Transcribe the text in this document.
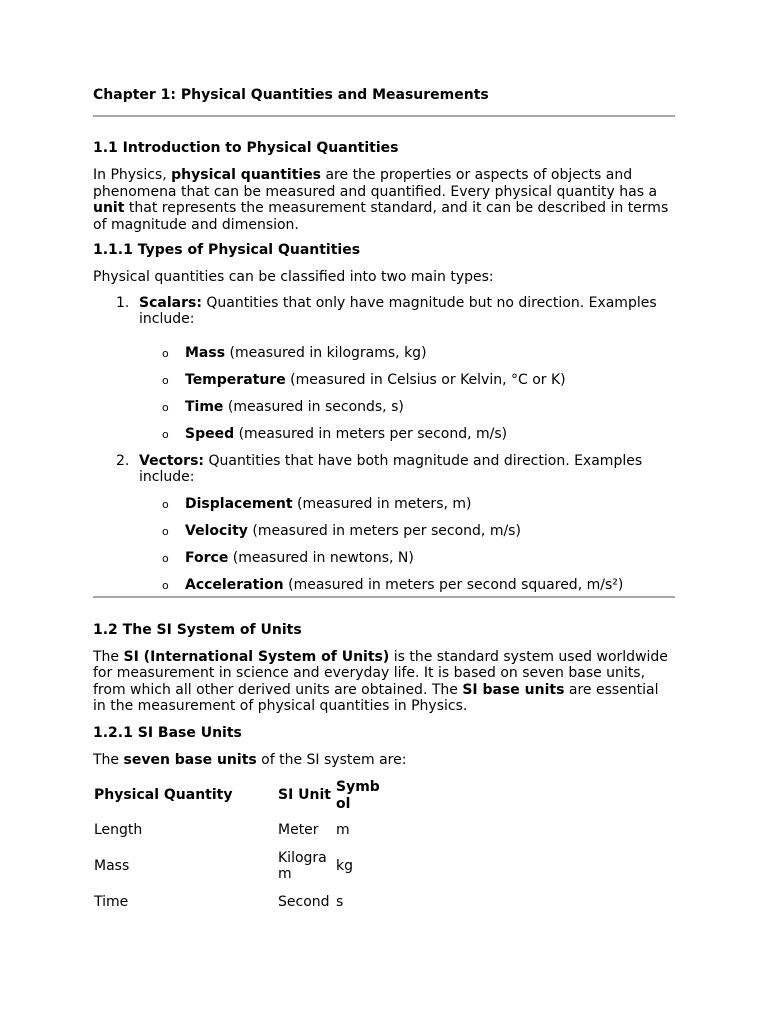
Chapter 1: Physical Quantities and Measurements
1.1 Introduction to Physical Quantities

In Physics, physical quantities are the properties or aspects of objects and phenomena that can be measured and quantified. Every physical quantity has a unit that represents the measurement standard, and it can be described in terms of magnitude and dimension.

1.1.1 Types of Physical Quantities

Physical quantities can be classified into two main types:

1. Scalars: Quantities that only have magnitude but no direction. Examples include:
o Mass (measured in kilograms, kg)
o Temperature (measured in Celsius or Kelvin, °C or K)
o Time (measured in seconds, s)
o Speed (measured in meters per second, m/s)
2. Vectors: Quantities that have both magnitude and direction. Examples include:
o Displacement (measured in meters, m)
o Velocity (measured in meters per second, m/s)
o Force (measured in newtons, N)
o Acceleration (measured in meters per second squared, m/s²)
1.2 The SI System of Units

The SI (International System of Units) is the standard system used worldwide for measurement in science and everyday life. It is based on seven base units, from which all other derived units are obtained. The SI base units are essential in the measurement of physical quantities in Physics.

1.2.1 SI Base Units

The seven base units of the SI system are:

Physical Quantity	SI Unit	Symbol
Length	Meter	m
Mass	Kilogram	kg
Time	Second	s
